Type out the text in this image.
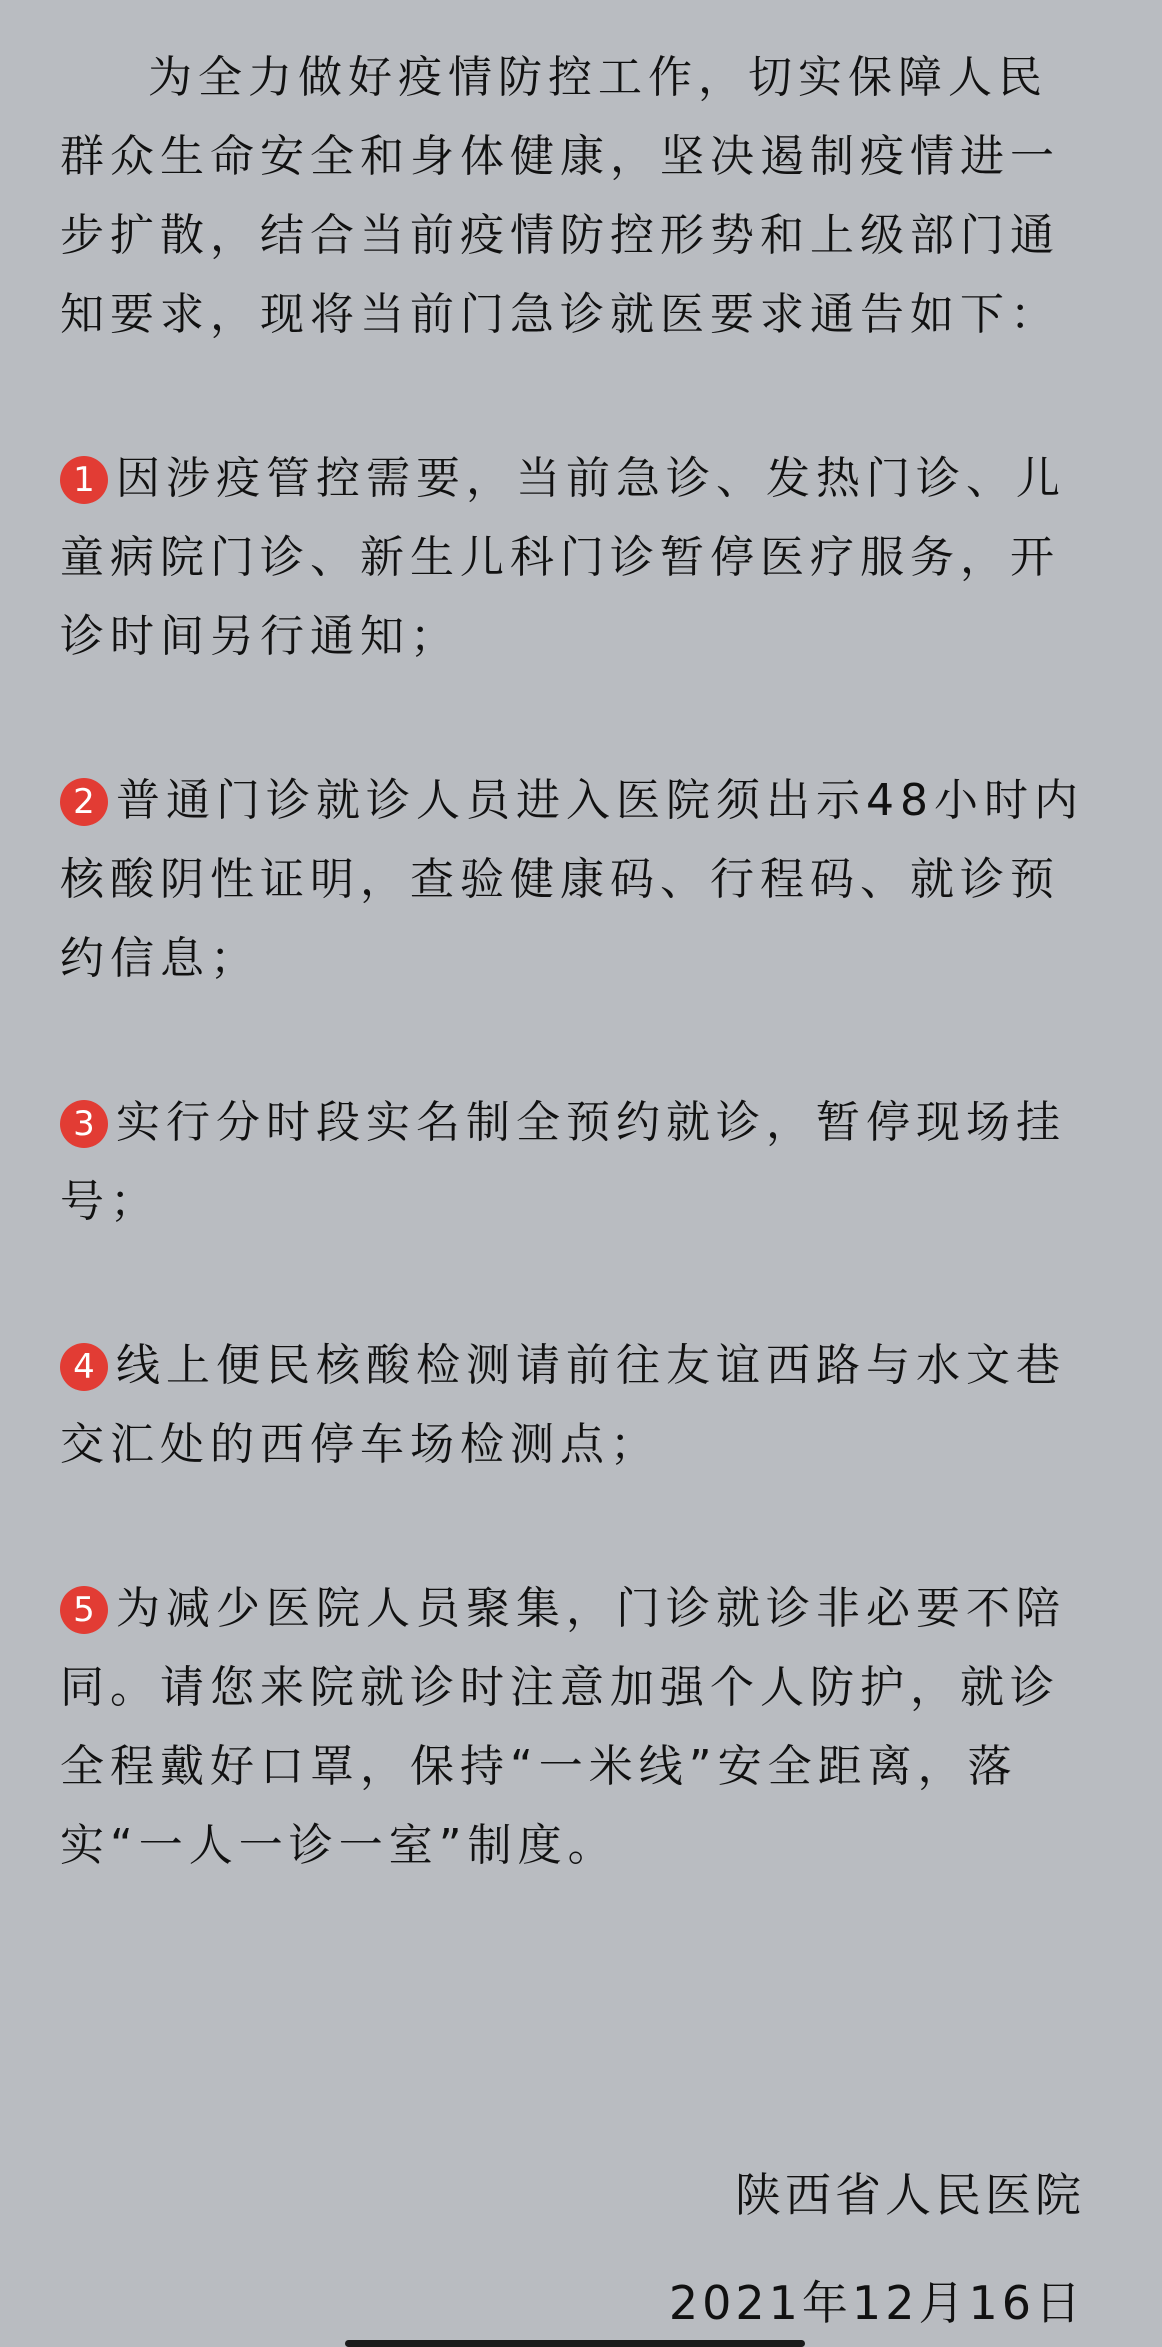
为全力做好疫情防控工作，切实保障人民群众生命安全和身体健康，坚决遏制疫情进一步扩散，结合当前疫情防控形势和上级部门通知要求，现将当前门急诊就医要求通告如下：

1 因涉疫管控需要，当前急诊、发热门诊、儿童病院门诊、新生儿科门诊暂停医疗服务，开诊时间另行通知；

2 普通门诊就诊人员进入医院须出示48小时内核酸阴性证明，查验健康码、行程码、就诊预约信息；

3 实行分时段实名制全预约就诊，暂停现场挂号；

4 线上便民核酸检测请前往友谊西路与水文巷交汇处的西停车场检测点；

5 为减少医院人员聚集，门诊就诊非必要不陪同。请您来院就诊时注意加强个人防护，就诊全程戴好口罩，保持“一米线”安全距离，落实“一人一诊一室”制度。

陕西省人民医院
2021年12月16日
